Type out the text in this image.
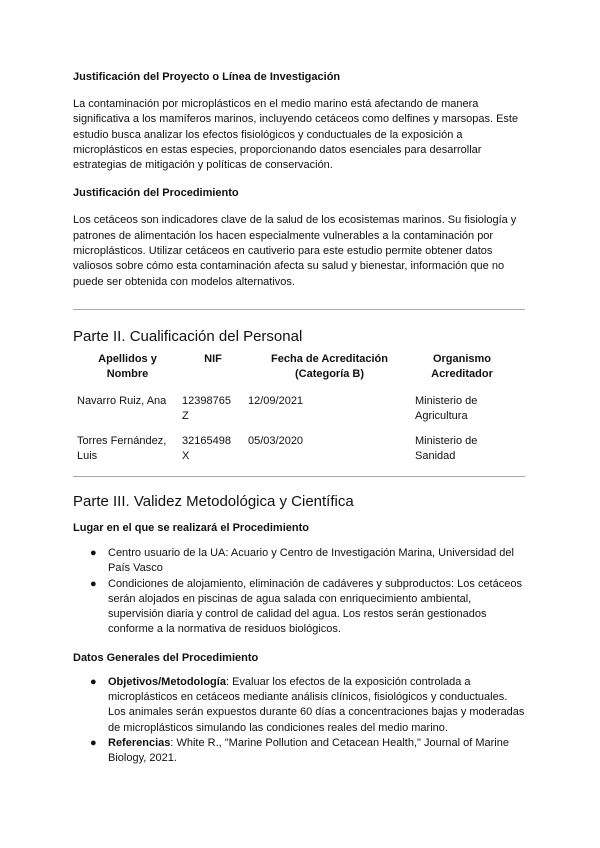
Justificación del Proyecto o Línea de Investigación

La contaminación por microplásticos en el medio marino está afectando de manera significativa a los mamíferos marinos, incluyendo cetáceos como delfines y marsopas. Este estudio busca analizar los efectos fisiológicos y conductuales de la exposición a microplásticos en estas especies, proporcionando datos esenciales para desarrollar estrategias de mitigación y políticas de conservación.

Justificación del Procedimiento

Los cetáceos son indicadores clave de la salud de los ecosistemas marinos. Su fisiología y patrones de alimentación los hacen especialmente vulnerables a la contaminación por microplásticos. Utilizar cetáceos en cautiverio para este estudio permite obtener datos valiosos sobre cómo esta contaminación afecta su salud y bienestar, información que no puede ser obtenida con modelos alternativos.

Parte II. Cualificación del Personal
Apellidos y Nombre	NIF	Fecha de Acreditación (Categoría B)	Organismo Acreditador
Navarro Ruiz, Ana	12398765 Z	12/09/2021	Ministerio de Agricultura
Torres Fernández, Luis	32165498 X	05/03/2020	Ministerio de Sanidad
Parte III. Validez Metodológica y Científica

Lugar en el que se realizará el Procedimiento

● Centro usuario de la UA: Acuario y Centro de Investigación Marina, Universidad del País Vasco
● Condiciones de alojamiento, eliminación de cadáveres y subproductos: Los cetáceos serán alojados en piscinas de agua salada con enriquecimiento ambiental, supervisión diaria y control de calidad del agua. Los restos serán gestionados conforme a la normativa de residuos biológicos.

Datos Generales del Procedimiento

● Objetivos/Metodología: Evaluar los efectos de la exposición controlada a microplásticos en cetáceos mediante análisis clínicos, fisiológicos y conductuales. Los animales serán expuestos durante 60 días a concentraciones bajas y moderadas de microplásticos simulando las condiciones reales del medio marino.
● Referencias: White R., "Marine Pollution and Cetacean Health," Journal of Marine Biology, 2021.
